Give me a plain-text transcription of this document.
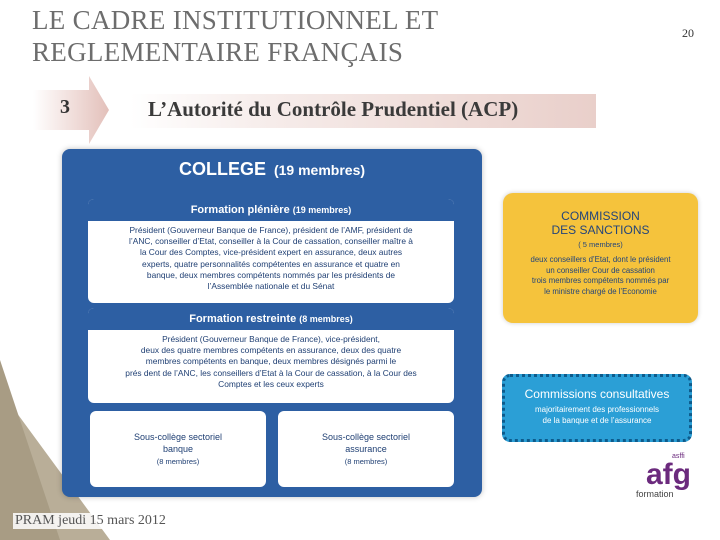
LE CADRE INSTITUTIONNEL ET
REGLEMENTAIRE FRANÇAIS
20
3	L’Autorité du Contrôle Prudentiel (ACP)
COLLEGE (19 membres)
Formation plénière (19 membres)
Président (Gouverneur Banque de France), président de l’AMF, président de
l’ANC, conseiller d’Etat, conseiller à la Cour de cassation, conseiller maître à
la Cour des Comptes, vice-président expert en assurance, deux autres
experts, quatre personnalités compétentes en assurance et quatre en
banque, deux membres compétents nommés par les présidents de
l’Assemblée nationale et du Sénat
Formation restreinte (8 membres)
Président (Gouverneur Banque de France), vice-président,
deux des quatre membres compétents en assurance, deux des quatre
membres compétents en banque, deux membres désignés parmi le
prés dent de l’ANC, les conseillers d’Etat à la Cour de cassation, à la Cour des
Comptes et les ceux experts
Sous-collège sectoriel
banque
(8 membres)
Sous-collège sectoriel
assurance
(8 membres)
COMMISSION
DES SANCTIONS
( 5 membres)
deux conseillers d’Etat, dont le président
un conseiller Cour de cassation
trois membres compétents nommés par
le ministre chargé de l’Economie
Commissions consultatives
majoritairement des professionnels
de la banque et de l’assurance
asffi
afg
formation
PRAM jeudi 15 mars 2012
